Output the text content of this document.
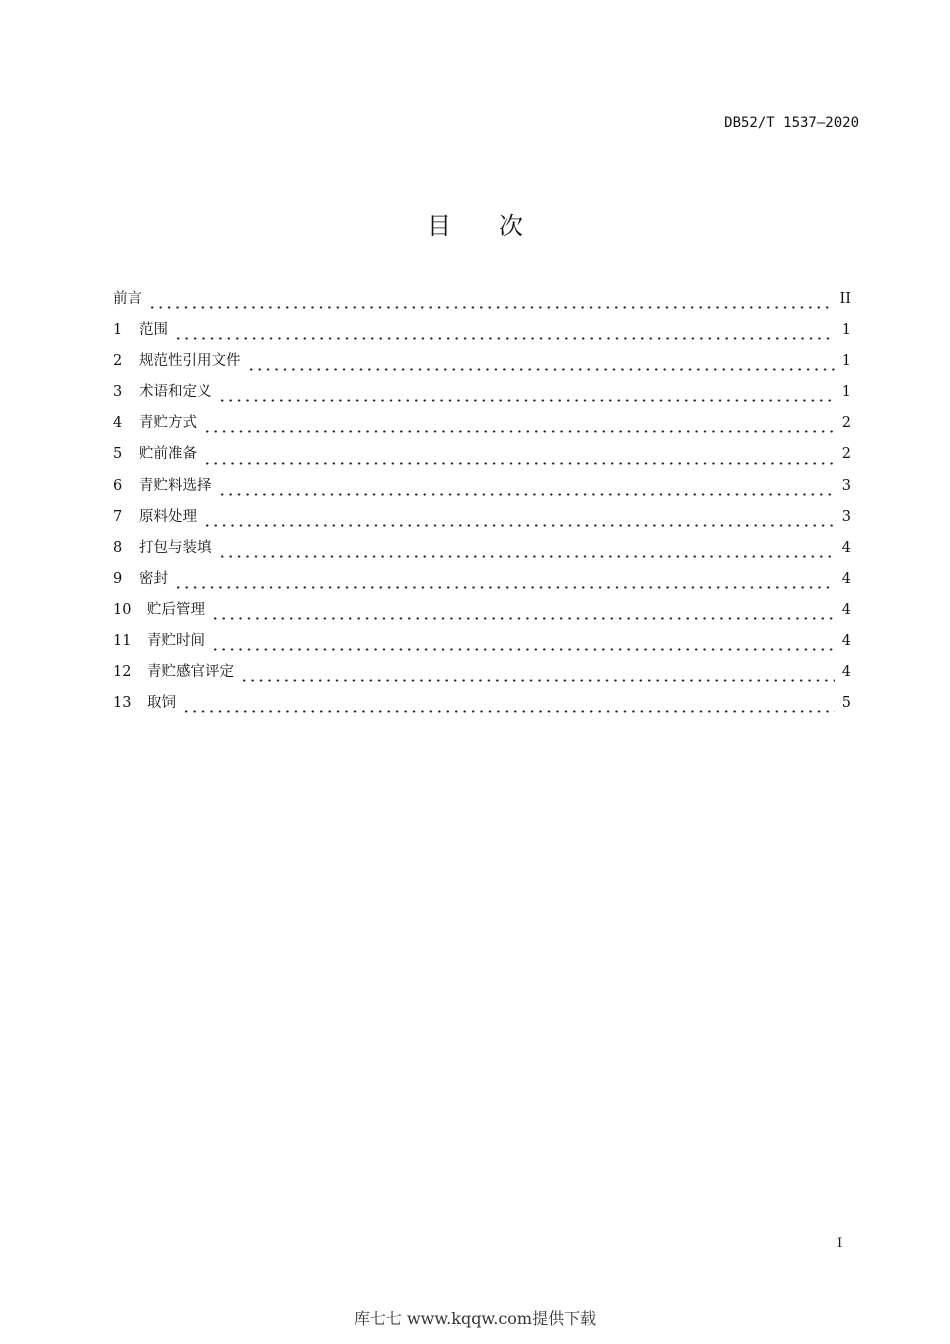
DB52/T 1537—2020
目次
前言	II
1	范围	1
2	规范性引用文件	1
3	术语和定义	1
4	青贮方式	2
5	贮前准备	2
6	青贮料选择	3
7	原料处理	3
8	打包与装填	4
9	密封	4
10	贮后管理	4
11	青贮时间	4
12	青贮感官评定	4
13	取饲	5
I
库七七 www.kqqw.com提供下载
